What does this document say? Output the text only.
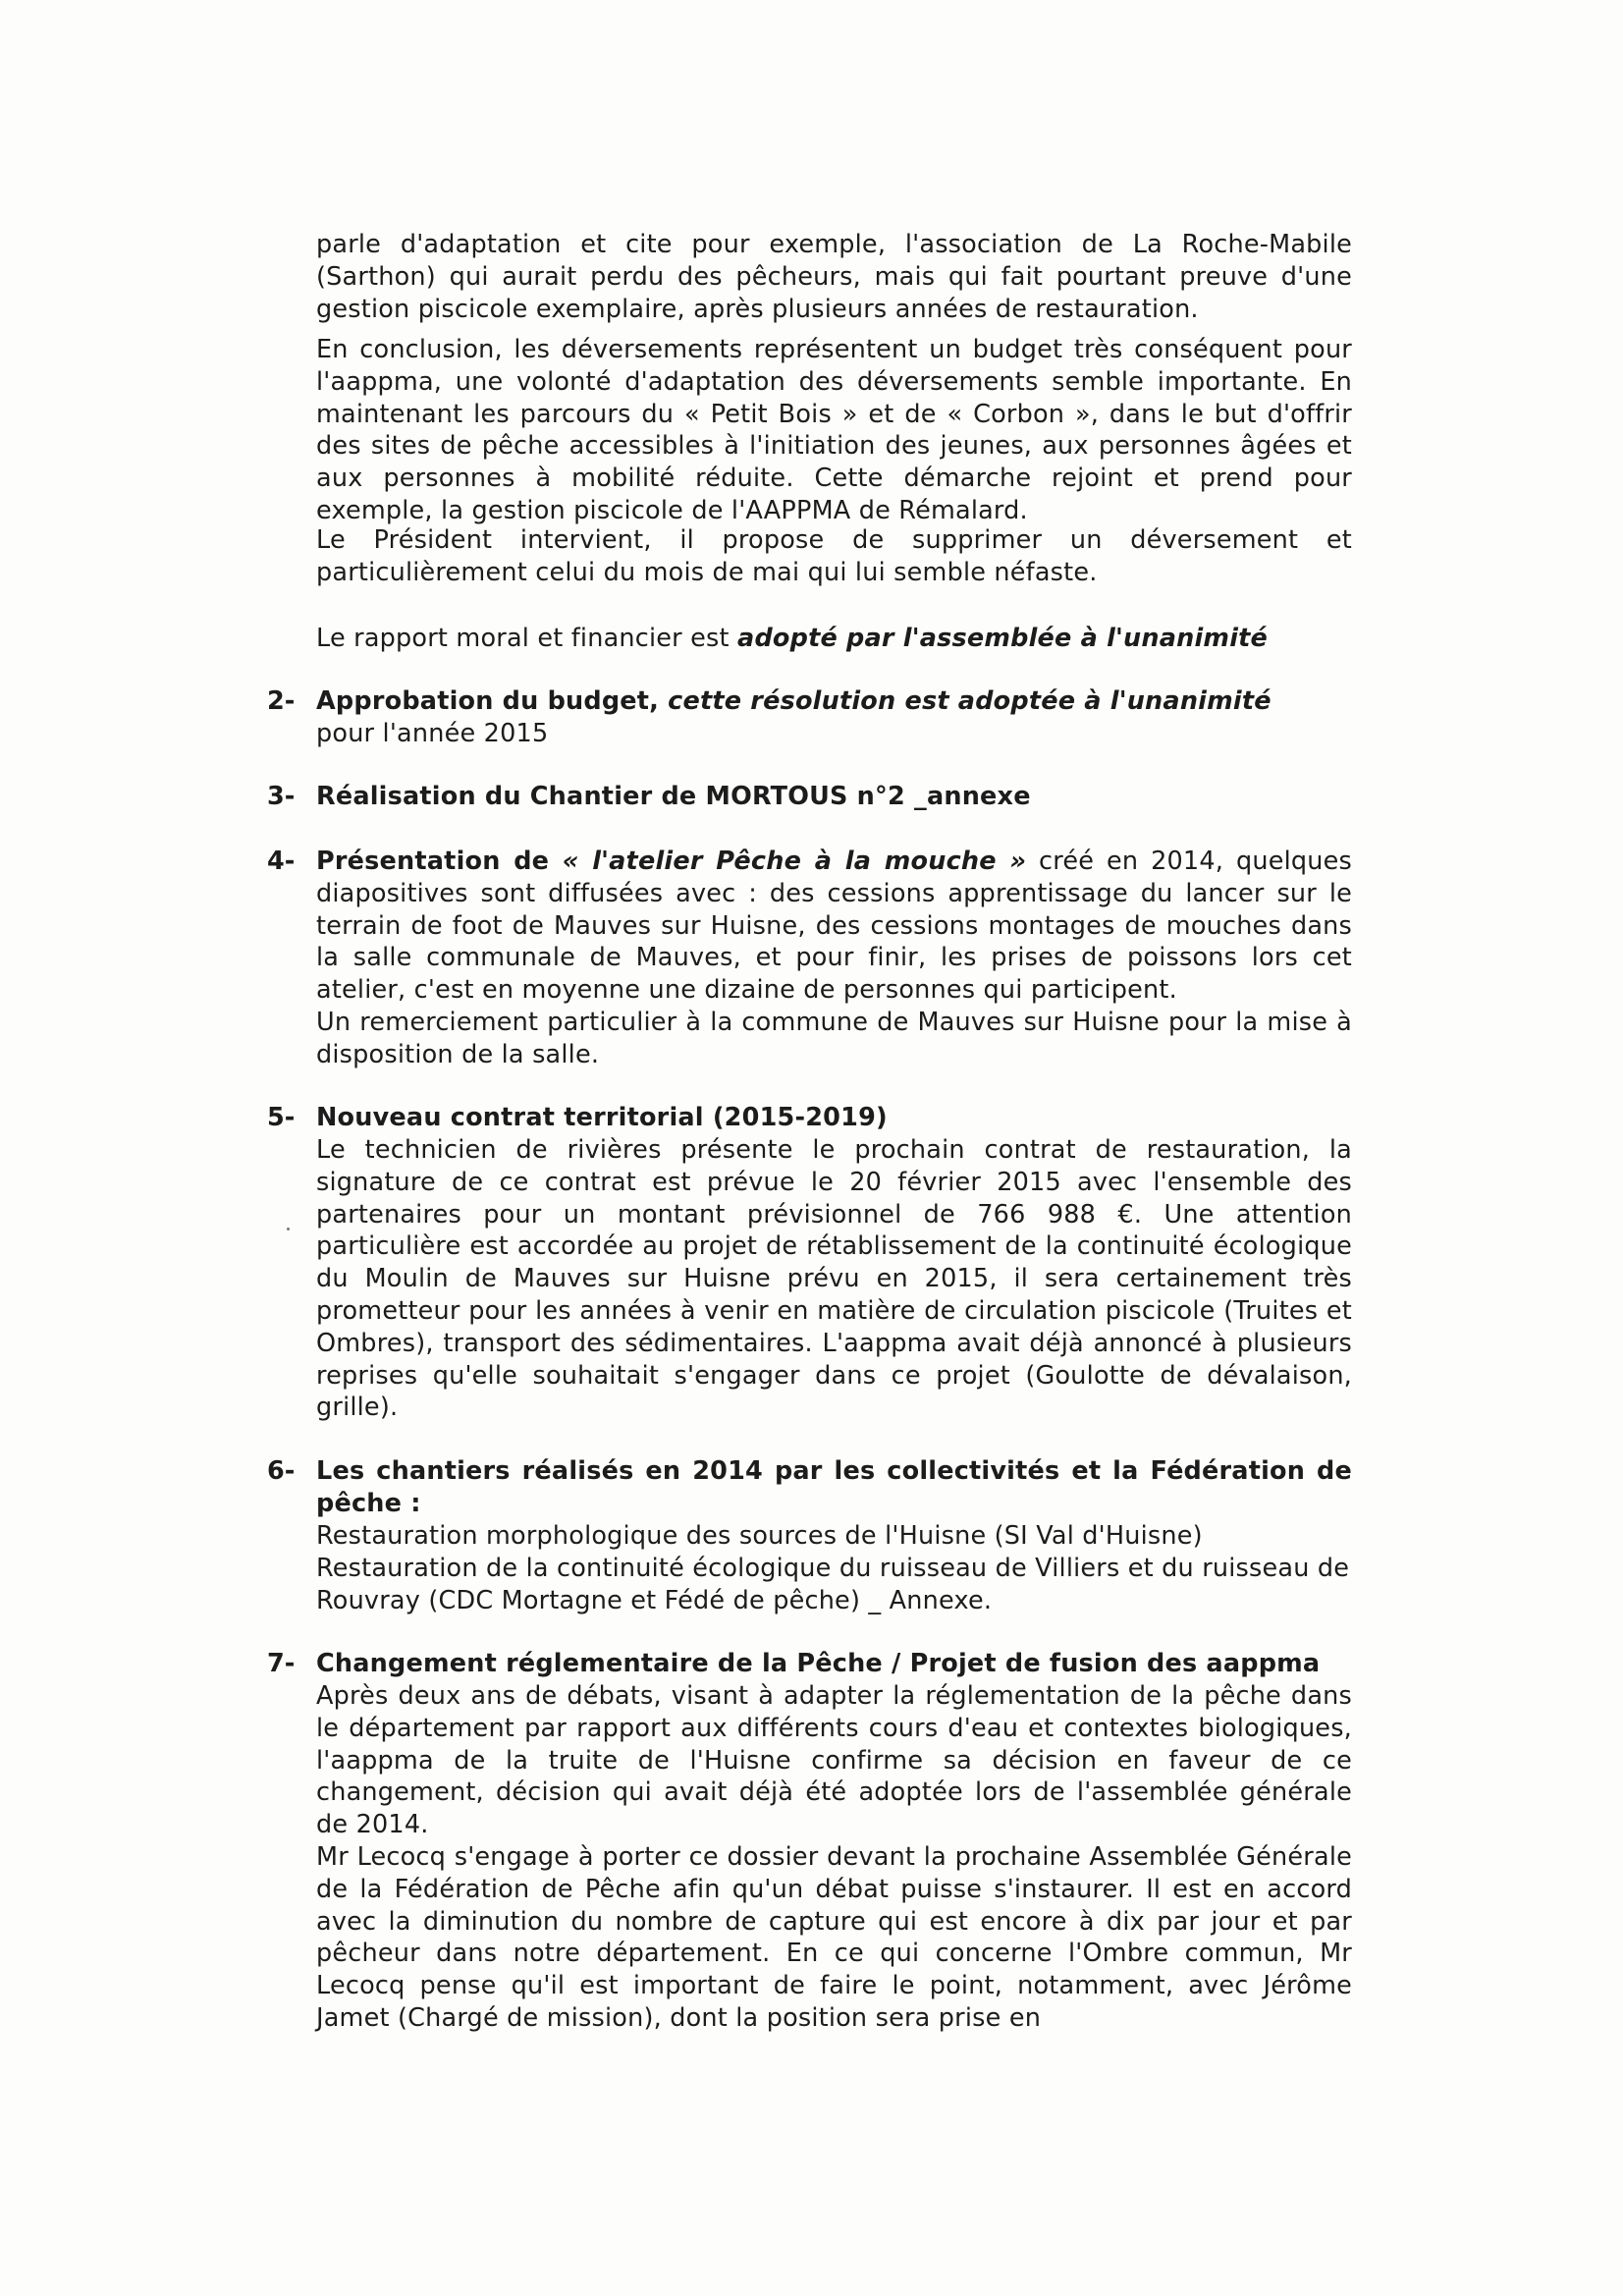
parle d'adaptation et cite pour exemple, l'association de La Roche-Mabile (Sarthon) qui aurait perdu des pêcheurs, mais qui fait pourtant preuve d'une gestion piscicole exemplaire, après plusieurs années de restauration.

En conclusion, les déversements représentent un budget très conséquent pour l'aappma, une volonté d'adaptation des déversements semble importante. En maintenant les parcours du « Petit Bois » et de « Corbon », dans le but d'offrir des sites de pêche accessibles à l'initiation des jeunes, aux personnes âgées et aux personnes à mobilité réduite. Cette démarche rejoint et prend pour exemple, la gestion piscicole de l'AAPPMA de Rémalard.

Le Président intervient, il propose de supprimer un déversement et particulièrement celui du mois de mai qui lui semble néfaste.

Le rapport moral et financier est adopté par l'assemblée à l'unanimité

2- Approbation du budget, cette résolution est adoptée à l'unanimité
pour l'année 2015

3- Réalisation du Chantier de MORTOUS n°2 _annexe

4- Présentation de « l'atelier Pêche à la mouche » créé en 2014, quelques diapositives sont diffusées avec : des cessions apprentissage du lancer sur le terrain de foot de Mauves sur Huisne, des cessions montages de mouches dans la salle communale de Mauves, et pour finir, les prises de poissons lors cet atelier, c'est en moyenne une dizaine de personnes qui participent.

Un remerciement particulier à la commune de Mauves sur Huisne pour la mise à disposition de la salle.

5- Nouveau contrat territorial (2015-2019)

Le technicien de rivières présente le prochain contrat de restauration, la signature de ce contrat est prévue le 20 février 2015 avec l'ensemble des partenaires pour un montant prévisionnel de 766 988 €. Une attention particulière est accordée au projet de rétablissement de la continuité écologique du Moulin de Mauves sur Huisne prévu en 2015, il sera certainement très prometteur pour les années à venir en matière de circulation piscicole (Truites et Ombres), transport des sédimentaires. L'aappma avait déjà annoncé à plusieurs reprises qu'elle souhaitait s'engager dans ce projet (Goulotte de dévalaison, grille).

6- Les chantiers réalisés en 2014 par les collectivités et la Fédération de pêche :

Restauration morphologique des sources de l'Huisne (SI Val d'Huisne)

Restauration de la continuité écologique du ruisseau de Villiers et du ruisseau de Rouvray (CDC Mortagne et Fédé de pêche) _ Annexe.

7- Changement réglementaire de la Pêche / Projet de fusion des aappma

Après deux ans de débats, visant à adapter la réglementation de la pêche dans le département par rapport aux différents cours d'eau et contextes biologiques, l'aappma de la truite de l'Huisne confirme sa décision en faveur de ce changement, décision qui avait déjà été adoptée lors de l'assemblée générale de 2014.

Mr Lecocq s'engage à porter ce dossier devant la prochaine Assemblée Générale de la Fédération de Pêche afin qu'un débat puisse s'instaurer. Il est en accord avec la diminution du nombre de capture qui est encore à dix par jour et par pêcheur dans notre département. En ce qui concerne l'Ombre commun, Mr Lecocq pense qu'il est important de faire le point, notamment, avec Jérôme Jamet (Chargé de mission), dont la position sera prise en
